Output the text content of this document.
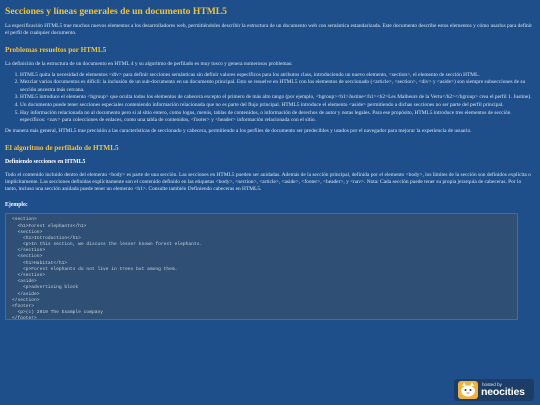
Secciones y líneas generales de un documento HTML5

La especificación HTML5 trae muchos nuevos elementos a los desarrolladores web, permitiéndoles describir la estructura de un documento web con semántica estandarizada. Este documento describe estos elementos y cómo usarlos para definir el perfil de cualquier documento.

Problemas resueltos por HTML5

La definición de la estructura de un documento en HTML 4 y su algoritmo de perfilado es muy tosco y genera numerosos problemas:

1. HTML5 quita la necesidad de elementos <div> para definir secciones semánticas sin definir valores específicos para los atributos class, introduciendo un nuevo elemento, <section>, el elemento de sección HTML.
2. Mezclar varios documentos es difícil: la inclusión de un sub-documento en un documento principal. Esto se resuelve en HTML5 con los elementos de seccionado (<article>, <section>, <div> y <aside>) son siempre subsecciones de su sección ancestra más cercana.
3. HTML5 introduce el elemento <hgroup> que oculta todos los elementos de cabecera excepto el primero de más alto rango (por ejemplo, <hgroup><h1>Justine</h1><h2>Les Malheurs de la Vertu</h2></hgroup> crea el perfil 1. Justine).
4. Un documento puede tener secciones especiales conteniendo información relacionada que no es parte del flujo principal. HTML5 introduce el elemento <aside> permitiendo a dichas secciones no ser parte del perfil principal.
5. Hay información relacionada no al documento pero si al sitio entero, como logos, menús, tablas de contenidos, o información de derechos de autor y notas legales. Para ese propósito, HTML5 introduce tres elementos de sección específicos: <nav> para colecciones de enlaces, como una tabla de contenidos, <footer> y <header> información relacionada con el sitio.

De manera más general, HTML5 trae precisión a las características de seccionado y cabecera, permitiendo a los perfiles de documento ser predecibles y usados por el navegador para mejorar la experiencia de usuario.

El algoritmo de perfilado de HTML5
Definiendo secciones en HTML5

Todo el contenido incluido dentro del elemento <body> es parte de una sección. Las secciones en HTML5 pueden ser anidadas. Además de la sección principal, definida por el elemento <body>, los límites de la sección son definidos explícita o implícitamente. Las secciones definidas explícitamente son el contenido definido en las etiquetas <body>, <section>, <article>, <aside>, <footer>, <header>, y <nav>. Nota: Cada sección puede tener su propia jerarquía de cabeceras. Por lo tanto, incluso una sección anidada puede tener un elemento <h1>. Consulte también Definiendo cabeceras en HTML5.

Ejemplo:
<section>
<h1>Forest elephants</h1>
<section>
<h1>Introduction</h1>
<p>In this section, we discuss the lesser known forest elephants.
</section>
<section>
<h1>Habitat</h1>
<p>Forest elephants do not live in trees but among them.
</section>
<aside>
<p>advertising block
</aside>
</section>
<footer>
<p>(c) 2010 The Example company
</footer>
hosted by
neocities
